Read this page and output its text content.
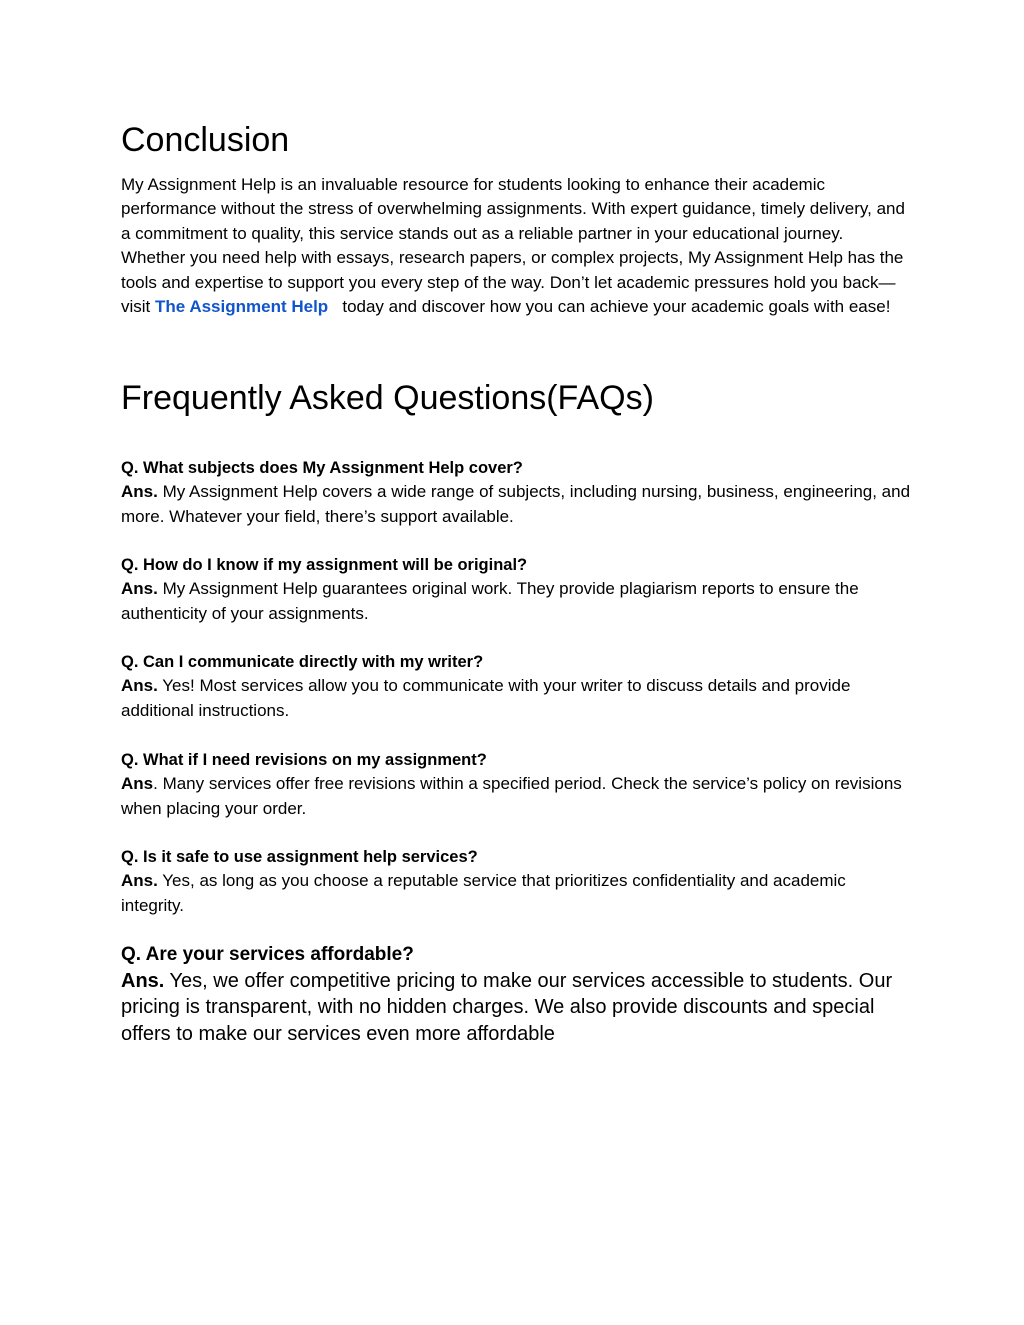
Conclusion

My Assignment Help is an invaluable resource for students looking to enhance their academic performance without the stress of overwhelming assignments. With expert guidance, timely delivery, and a commitment to quality, this service stands out as a reliable partner in your educational journey. Whether you need help with essays, research papers, or complex projects, My Assignment Help has the tools and expertise to support you every step of the way. Don’t let academic pressures hold you back—visit The Assignment Help   today and discover how you can achieve your academic goals with ease!

Frequently Asked Questions(FAQs)

Q. What subjects does My Assignment Help cover?

Ans. My Assignment Help covers a wide range of subjects, including nursing, business, engineering, and more. Whatever your field, there’s support available.

Q. How do I know if my assignment will be original?

Ans. My Assignment Help guarantees original work. They provide plagiarism reports to ensure the authenticity of your assignments.

Q. Can I communicate directly with my writer?

Ans. Yes! Most services allow you to communicate with your writer to discuss details and provide additional instructions.

Q. What if I need revisions on my assignment?

Ans. Many services offer free revisions within a specified period. Check the service’s policy on revisions when placing your order.

Q. Is it safe to use assignment help services?

Ans. Yes, as long as you choose a reputable service that prioritizes confidentiality and academic integrity.

Q. Are your services affordable?

Ans. Yes, we offer competitive pricing to make our services accessible to students. Our pricing is transparent, with no hidden charges. We also provide discounts and special offers to make our services even more affordable
